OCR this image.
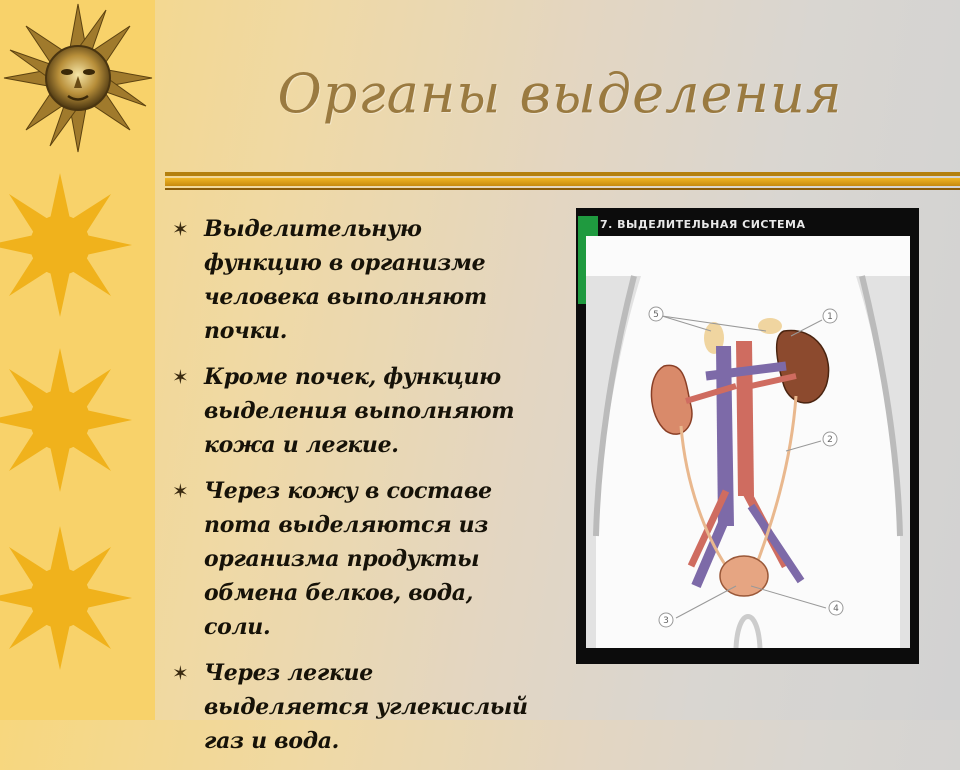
Органы выделения
✶ Выделительную функцию в организме человека выполняют почки.
✶ Кроме почек, функцию выделения выполняют кожа и легкие.
✶ Через кожу в составе пота выделяются из организма продукты обмена белков, вода, соли.
✶ Через легкие выделяется углекислый газ и вода.
7. ВЫДЕЛИТЕЛЬНАЯ СИСТЕМА
1
2
3
4
5
